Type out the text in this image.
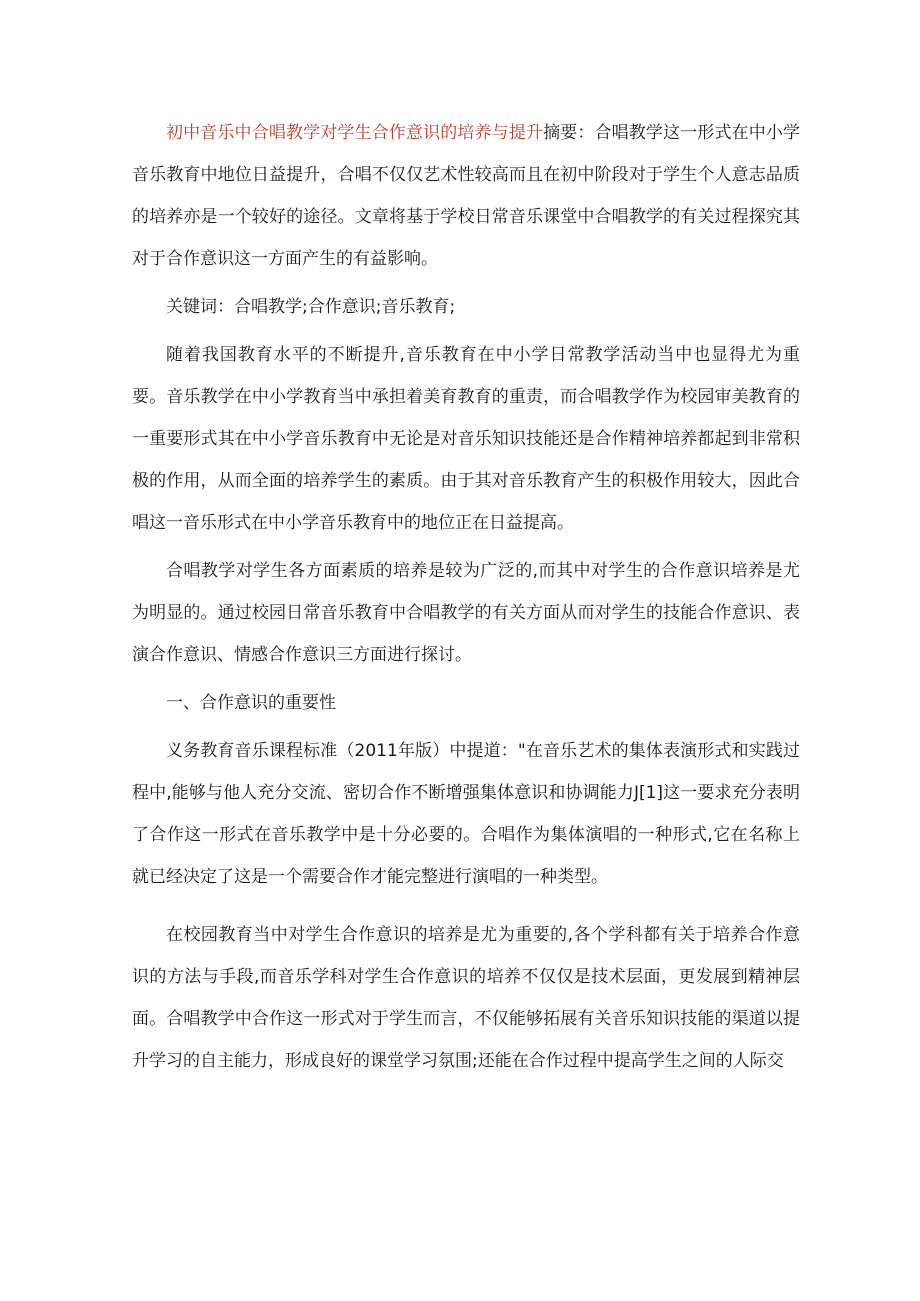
初中音乐中合唱教学对学生合作意识的培养与提升摘要：合唱教学这一形式在中小学音乐教育中地位日益提升，合唱不仅仅艺术性较高而且在初中阶段对于学生个人意志品质的培养亦是一个较好的途径。文章将基于学校日常音乐课堂中合唱教学的有关过程探究其对于合作意识这一方面产生的有益影响。

关键词：合唱教学;合作意识;音乐教育;

随着我国教育水平的不断提升,音乐教育在中小学日常教学活动当中也显得尤为重要。音乐教学在中小学教育当中承担着美育教育的重责，而合唱教学作为校园审美教育的一重要形式其在中小学音乐教育中无论是对音乐知识技能还是合作精神培养都起到非常积极的作用，从而全面的培养学生的素质。由于其对音乐教育产生的积极作用较大，因此合唱这一音乐形式在中小学音乐教育中的地位正在日益提高。

合唱教学对学生各方面素质的培养是较为广泛的,而其中对学生的合作意识培养是尤为明显的。通过校园日常音乐教育中合唱教学的有关方面从而对学生的技能合作意识、表演合作意识、情感合作意识三方面进行探讨。

一、合作意识的重要性

义务教育音乐课程标准（2011年版）中提道："在音乐艺术的集体表演形式和实践过程中,能够与他人充分交流、密切合作不断增强集体意识和协调能力J[1]这一要求充分表明了合作这一形式在音乐教学中是十分必要的。合唱作为集体演唱的一种形式,它在名称上就已经决定了这是一个需要合作才能完整进行演唱的一种类型。

在校园教育当中对学生合作意识的培养是尤为重要的,各个学科都有关于培养合作意识的方法与手段,而音乐学科对学生合作意识的培养不仅仅是技术层面，更发展到精神层面。合唱教学中合作这一形式对于学生而言，不仅能够拓展有关音乐知识技能的渠道以提升学习的自主能力，形成良好的课堂学习氛围;还能在合作过程中提高学生之间的人际交
